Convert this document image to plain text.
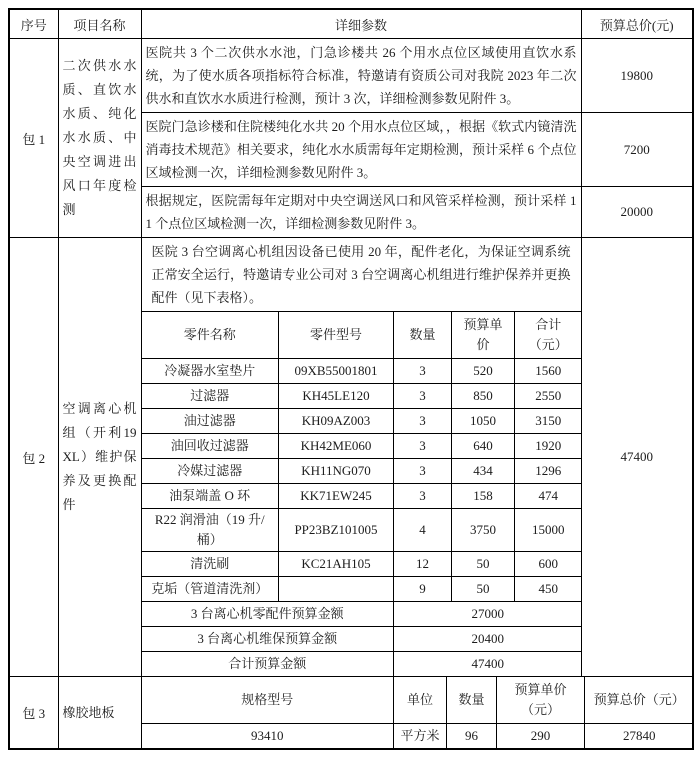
序号	项目名称	详细参数	预算总价(元)
包 1	二次供水水质、直饮水水质、纯化水水质、中央空调进出风口年度检测	医院共 3 个二次供水水池，门急诊楼共 26 个用水点位区域使用直饮水系统，为了使水质各项指标符合标准，特邀请有资质公司对我院 2023 年二次供水和直饮水水质进行检测，预计 3 次，详细检测参数见附件 3。	19800
医院门急诊楼和住院楼纯化水共 20 个用水点位区域，，根据《软式内镜清洗消毒技术规范》相关要求，纯化水水质需每年定期检测，预计采样 6 个点位区域检测一次，详细检测参数见附件 3。	7200
根据规定，医院需每年定期对中央空调送风口和风管采样检测，预计采样 11 个点位区域检测一次，详细检测参数见附件 3。	20000
包 2	空调离心机组（开利19XL）维护保养及更换配件	
医院 3 台空调离心机组因设备已使用 20 年，配件老化，为保证空调系统正常安全运行，特邀请专业公司对 3 台空调离心机组进行维护保养并更换配件（见下表格）。
零件名称	零件型号	数量	预算单价	合计（元）
冷凝器水室垫片	09XB55001801	3	520	1560
过滤器	KH45LE120	3	850	2550
油过滤器	KH09AZ003	3	1050	3150
油回收过滤器	KH42ME060	3	640	1920
冷媒过滤器	KH11NG070	3	434	1296
油泵端盖 O 环	KK71EW245	3	158	474
R22 润滑油（19 升/桶）	PP23BZ101005	4	3750	15000
清洗刷	KC21AH105	12	50	600
克垢（管道清洗剂）		9	50	450
3 台离心机零配件预算金额	27000
3 台离心机维保预算金额	20400
合计预算金额	47400
	47400
包 3	橡胶地板	
规格型号	单位	数量	预算单价（元）	预算总价（元）
93410	平方米	96	290	27840
